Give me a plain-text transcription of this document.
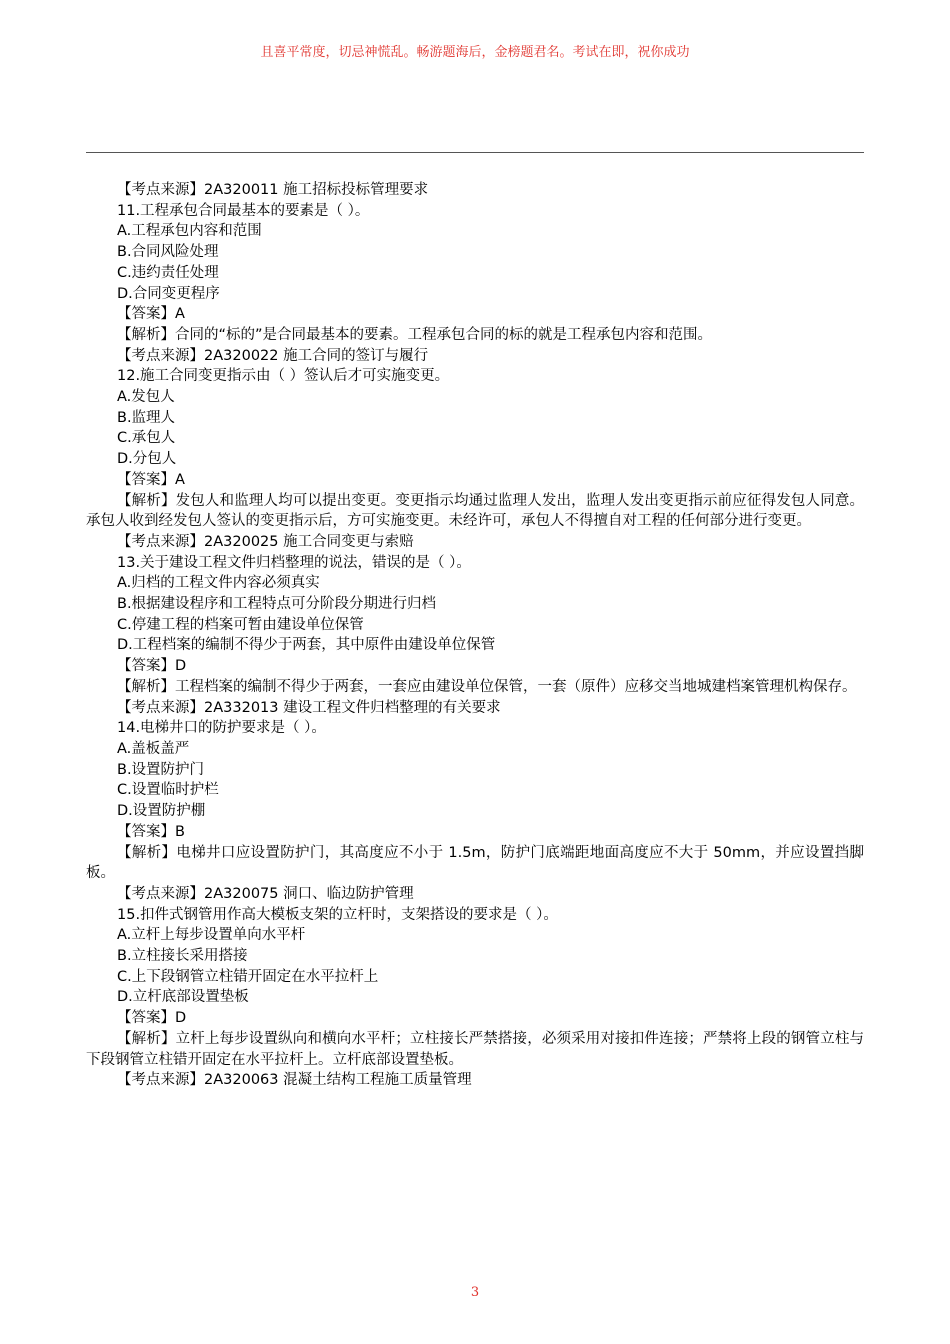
且喜平常度，切忌神慌乱。畅游题海后，金榜题君名。考试在即，祝你成功
【考点来源】2A320011 施工招标投标管理要求
11.工程承包合同最基本的要素是（ ）。
A.工程承包内容和范围
B.合同风险处理
C.违约责任处理
D.合同变更程序
【答案】A
【解析】合同的“标的”是合同最基本的要素。工程承包合同的标的就是工程承包内容和范围。
【考点来源】2A320022 施工合同的签订与履行
12.施工合同变更指示由（ ）签认后才可实施变更。
A.发包人
B.监理人
C.承包人
D.分包人
【答案】A
【解析】发包人和监理人均可以提出变更。变更指示均通过监理人发出，监理人发出变更指示前应征得发包人同意。承包人收到经发包人签认的变更指示后，方可实施变更。未经许可，承包人不得擅自对工程的任何部分进行变更。
【考点来源】2A320025 施工合同变更与索赔
13.关于建设工程文件归档整理的说法，错误的是（ ）。
A.归档的工程文件内容必须真实
B.根据建设程序和工程特点可分阶段分期进行归档
C.停建工程的档案可暂由建设单位保管
D.工程档案的编制不得少于两套，其中原件由建设单位保管
【答案】D
【解析】工程档案的编制不得少于两套，一套应由建设单位保管，一套（原件）应移交当地城建档案管理机构保存。
【考点来源】2A332013 建设工程文件归档整理的有关要求
14.电梯井口的防护要求是（ ）。
A.盖板盖严
B.设置防护门
C.设置临时护栏
D.设置防护棚
【答案】B
【解析】电梯井口应设置防护门，其高度应不小于 1.5m，防护门底端距地面高度应不大于 50mm，并应设置挡脚板。
【考点来源】2A320075 洞口、临边防护管理
15.扣件式钢管用作高大模板支架的立杆时，支架搭设的要求是（ ）。
A.立杆上每步设置单向水平杆
B.立柱接长采用搭接
C.上下段钢管立柱错开固定在水平拉杆上
D.立杆底部设置垫板
【答案】D
【解析】立杆上每步设置纵向和横向水平杆；立柱接长严禁搭接，必须采用对接扣件连接；严禁将上段的钢管立柱与下段钢管立柱错开固定在水平拉杆上。立杆底部设置垫板。
【考点来源】2A320063 混凝土结构工程施工质量管理
3
